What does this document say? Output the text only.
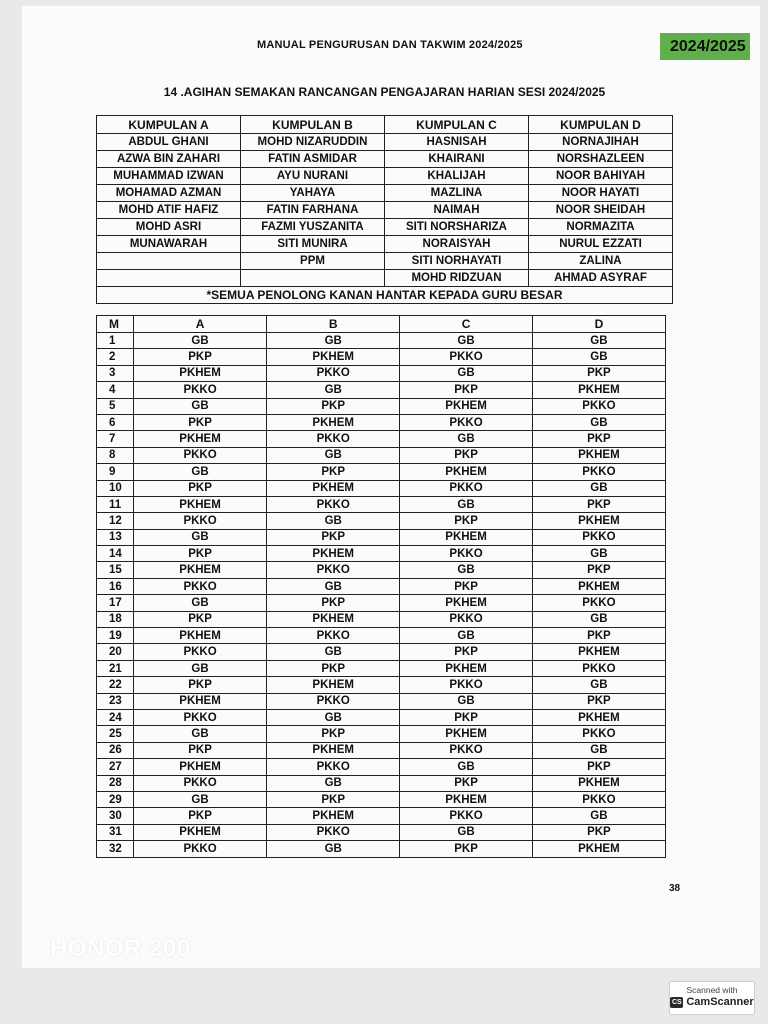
MANUAL PENGURUSAN DAN TAKWIM 2024/2025	2024/2025
14 .AGIHAN SEMAKAN RANCANGAN PENGAJARAN HARIAN SESI 2024/2025
KUMPULAN A	KUMPULAN B	KUMPULAN C	KUMPULAN D
ABDUL GHANI	MOHD NIZARUDDIN	HASNISAH	NORNAJIHAH
AZWA BIN ZAHARI	FATIN ASMIDAR	KHAIRANI	NORSHAZLEEN
MUHAMMAD IZWAN	AYU NURANI	KHALIJAH	NOOR BAHIYAH
MOHAMAD AZMAN	YAHAYA	MAZLINA	NOOR HAYATI
MOHD ATIF HAFIZ	FATIN FARHANA	NAIMAH	NOOR SHEIDAH
MOHD ASRI	FAZMI YUSZANITA	SITI NORSHARIZA	NORMAZITA
MUNAWARAH	SITI MUNIRA	NORAISYAH	NURUL EZZATI
	PPM	SITI NORHAYATI	ZALINA
		MOHD RIDZUAN	AHMAD ASYRAF
*SEMUA PENOLONG KANAN HANTAR KEPADA GURU BESAR			
M	A	B	C	D
1	GB	GB	GB	GB
2	PKP	PKHEM	PKKO	GB
3	PKHEM	PKKO	GB	PKP
4	PKKO	GB	PKP	PKHEM
5	GB	PKP	PKHEM	PKKO
6	PKP	PKHEM	PKKO	GB
7	PKHEM	PKKO	GB	PKP
8	PKKO	GB	PKP	PKHEM
9	GB	PKP	PKHEM	PKKO
10	PKP	PKHEM	PKKO	GB
11	PKHEM	PKKO	GB	PKP
12	PKKO	GB	PKP	PKHEM
13	GB	PKP	PKHEM	PKKO
14	PKP	PKHEM	PKKO	GB
15	PKHEM	PKKO	GB	PKP
16	PKKO	GB	PKP	PKHEM
17	GB	PKP	PKHEM	PKKO
18	PKP	PKHEM	PKKO	GB
19	PKHEM	PKKO	GB	PKP
20	PKKO	GB	PKP	PKHEM
21	GB	PKP	PKHEM	PKKO
22	PKP	PKHEM	PKKO	GB
23	PKHEM	PKKO	GB	PKP
24	PKKO	GB	PKP	PKHEM
25	GB	PKP	PKHEM	PKKO
26	PKP	PKHEM	PKKO	GB
27	PKHEM	PKKO	GB	PKP
28	PKKO	GB	PKP	PKHEM
29	GB	PKP	PKHEM	PKKO
30	PKP	PKHEM	PKKO	GB
31	PKHEM	PKKO	GB	PKP
32	PKKO	GB	PKP	PKHEM
38
HONOR 200
Scanned with
CS CamScanner
